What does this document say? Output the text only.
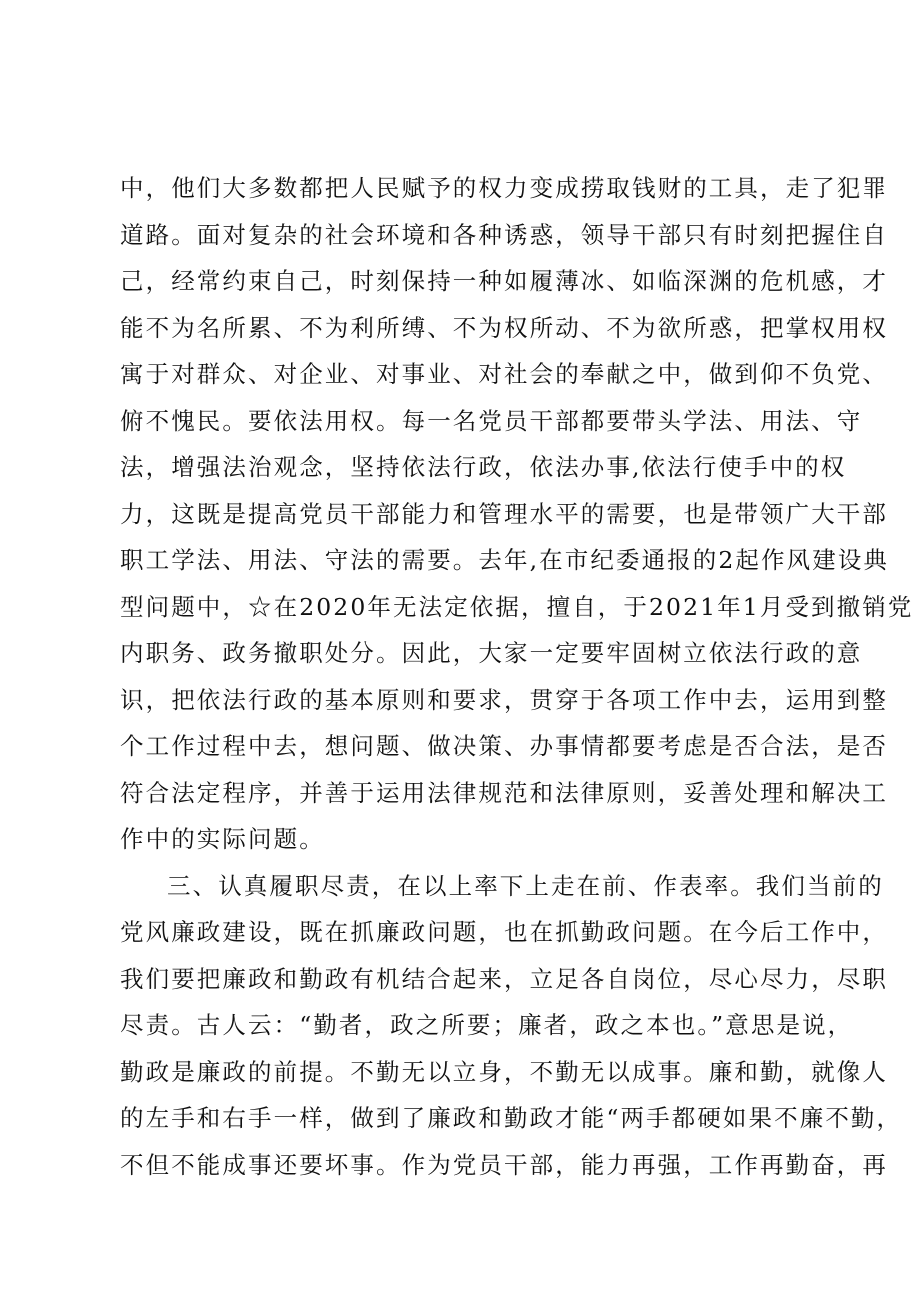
中，他们大多数都把人民赋予的权力变成捞取钱财的工具，走了犯罪
道路。面对复杂的社会环境和各种诱惑，领导干部只有时刻把握住自
己，经常约束自己，时刻保持一种如履薄冰、如临深渊的危机感，才
能不为名所累、不为利所缚、不为权所动、不为欲所惑，把掌权用权
寓于对群众、对企业、对事业、对社会的奉献之中，做到仰不负党、
俯不愧民。要依法用权。每一名党员干部都要带头学法、用法、守
法，增强法治观念，坚持依法行政，依法办事,依法行使手中的权
力，这既是提高党员干部能力和管理水平的需要，也是带领广大干部
职工学法、用法、守法的需要。去年,在市纪委通报的2起作风建设典
型问题中，☆在2020年无法定依据，擅自，于2021年1月受到撤销党
内职务、政务撤职处分。因此，大家一定要牢固树立依法行政的意
识，把依法行政的基本原则和要求，贯穿于各项工作中去，运用到整
个工作过程中去，想问题、做决策、办事情都要考虑是否合法，是否
符合法定程序，并善于运用法律规范和法律原则，妥善处理和解决工
作中的实际问题。
三、认真履职尽责，在以上率下上走在前、作表率。我们当前的
党风廉政建设，既在抓廉政问题，也在抓勤政问题。在今后工作中，
我们要把廉政和勤政有机结合起来，立足各自岗位，尽心尽力，尽职
尽责。古人云：“勤者，政之所要；廉者，政之本也。”意思是说，
勤政是廉政的前提。不勤无以立身，不勤无以成事。廉和勤，就像人
的左手和右手一样，做到了廉政和勤政才能“两手都硬如果不廉不勤，
不但不能成事还要坏事。作为党员干部，能力再强，工作再勤奋，再
